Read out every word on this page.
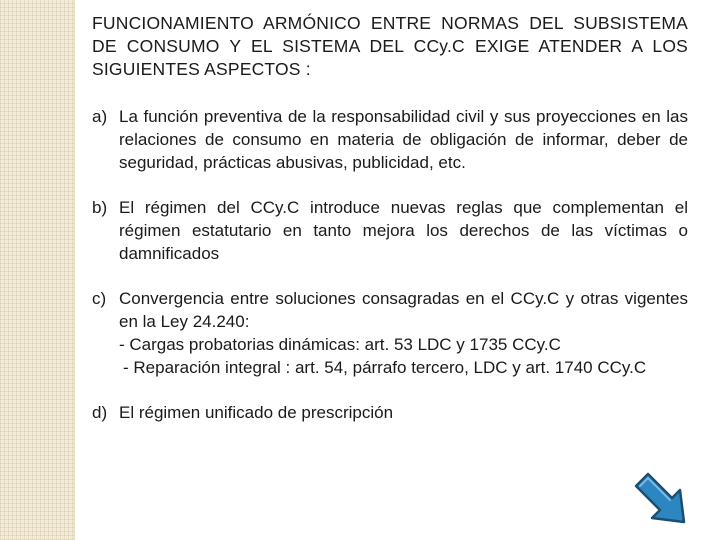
FUNCIONAMIENTO ARMÓNICO ENTRE NORMAS DEL SUBSISTEMA DE CONSUMO Y EL SISTEMA DEL CCy.C EXIGE ATENDER A LOS SIGUIENTES ASPECTOS :
a) La función preventiva de la responsabilidad civil y sus proyecciones en las relaciones de consumo en materia de obligación de informar, deber de seguridad, prácticas abusivas, publicidad, etc.
b) El régimen del CCy.C introduce nuevas reglas que complementan el régimen estatutario en tanto mejora los derechos de las víctimas o damnificados
c) Convergencia entre soluciones consagradas en el CCy.C y otras vigentes en la Ley 24.240:
- Cargas probatorias dinámicas: art. 53 LDC y 1735 CCy.C
- Reparación integral : art. 54, párrafo tercero, LDC y art. 1740 CCy.C
d) El régimen unificado de prescripción
